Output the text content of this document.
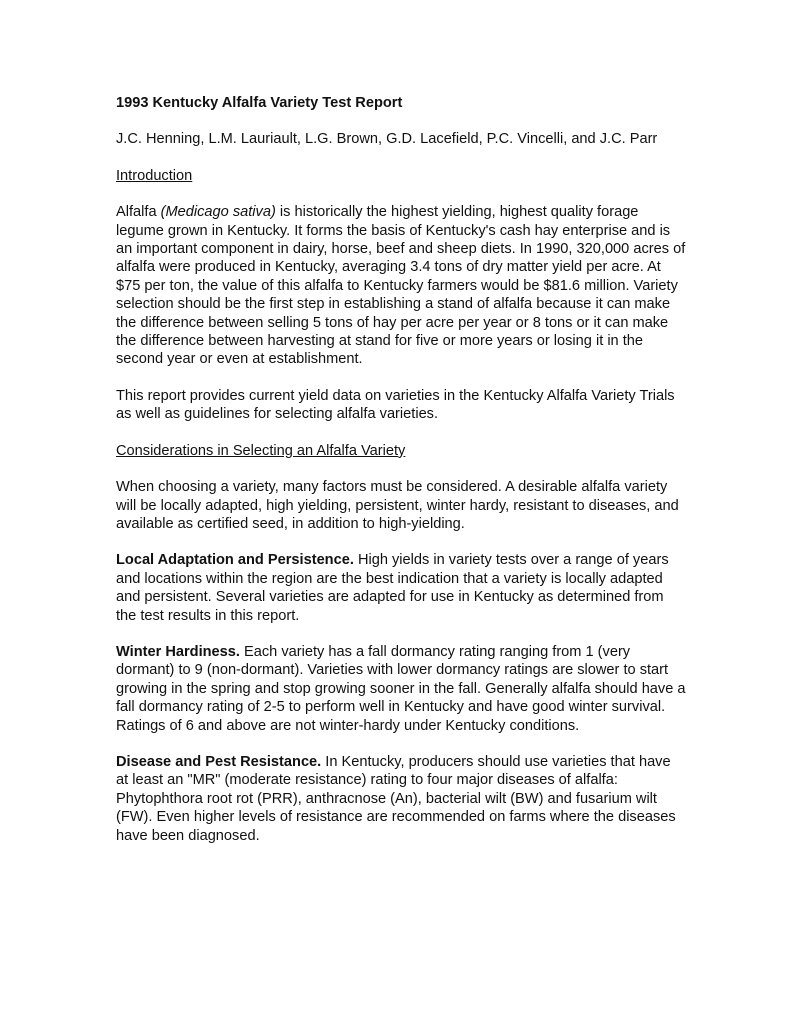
1993 Kentucky Alfalfa Variety Test Report
J.C. Henning, L.M. Lauriault, L.G. Brown, G.D. Lacefield, P.C. Vincelli, and J.C. Parr
Introduction

Alfalfa (Medicago sativa) is historically the highest yielding, highest quality forage legume grown in Kentucky. It forms the basis of Kentucky's cash hay enterprise and is an important component in dairy, horse, beef and sheep diets. In 1990, 320,000 acres of alfalfa were produced in Kentucky, averaging 3.4 tons of dry matter yield per acre. At $75 per ton, the value of this alfalfa to Kentucky farmers would be $81.6 million. Variety selection should be the first step in establishing a stand of alfalfa because it can make the difference between selling 5 tons of hay per acre per year or 8 tons or it can make the difference between harvesting at stand for five or more years or losing it in the second year or even at establishment.

This report provides current yield data on varieties in the Kentucky Alfalfa Variety Trials as well as guidelines for selecting alfalfa varieties.

Considerations in Selecting an Alfalfa Variety

When choosing a variety, many factors must be considered. A desirable alfalfa variety will be locally adapted, high yielding, persistent, winter hardy, resistant to diseases, and available as certified seed, in addition to high-yielding.

Local Adaptation and Persistence. High yields in variety tests over a range of years and locations within the region are the best indication that a variety is locally adapted and persistent. Several varieties are adapted for use in Kentucky as determined from the test results in this report.

Winter Hardiness. Each variety has a fall dormancy rating ranging from 1 (very dormant) to 9 (non-dormant). Varieties with lower dormancy ratings are slower to start growing in the spring and stop growing sooner in the fall. Generally alfalfa should have a fall dormancy rating of 2-5 to perform well in Kentucky and have good winter survival. Ratings of 6 and above are not winter-hardy under Kentucky conditions.

Disease and Pest Resistance. In Kentucky, producers should use varieties that have at least an "MR" (moderate resistance) rating to four major diseases of alfalfa: Phytophthora root rot (PRR), anthracnose (An), bacterial wilt (BW) and fusarium wilt (FW). Even higher levels of resistance are recommended on farms where the diseases have been diagnosed.
